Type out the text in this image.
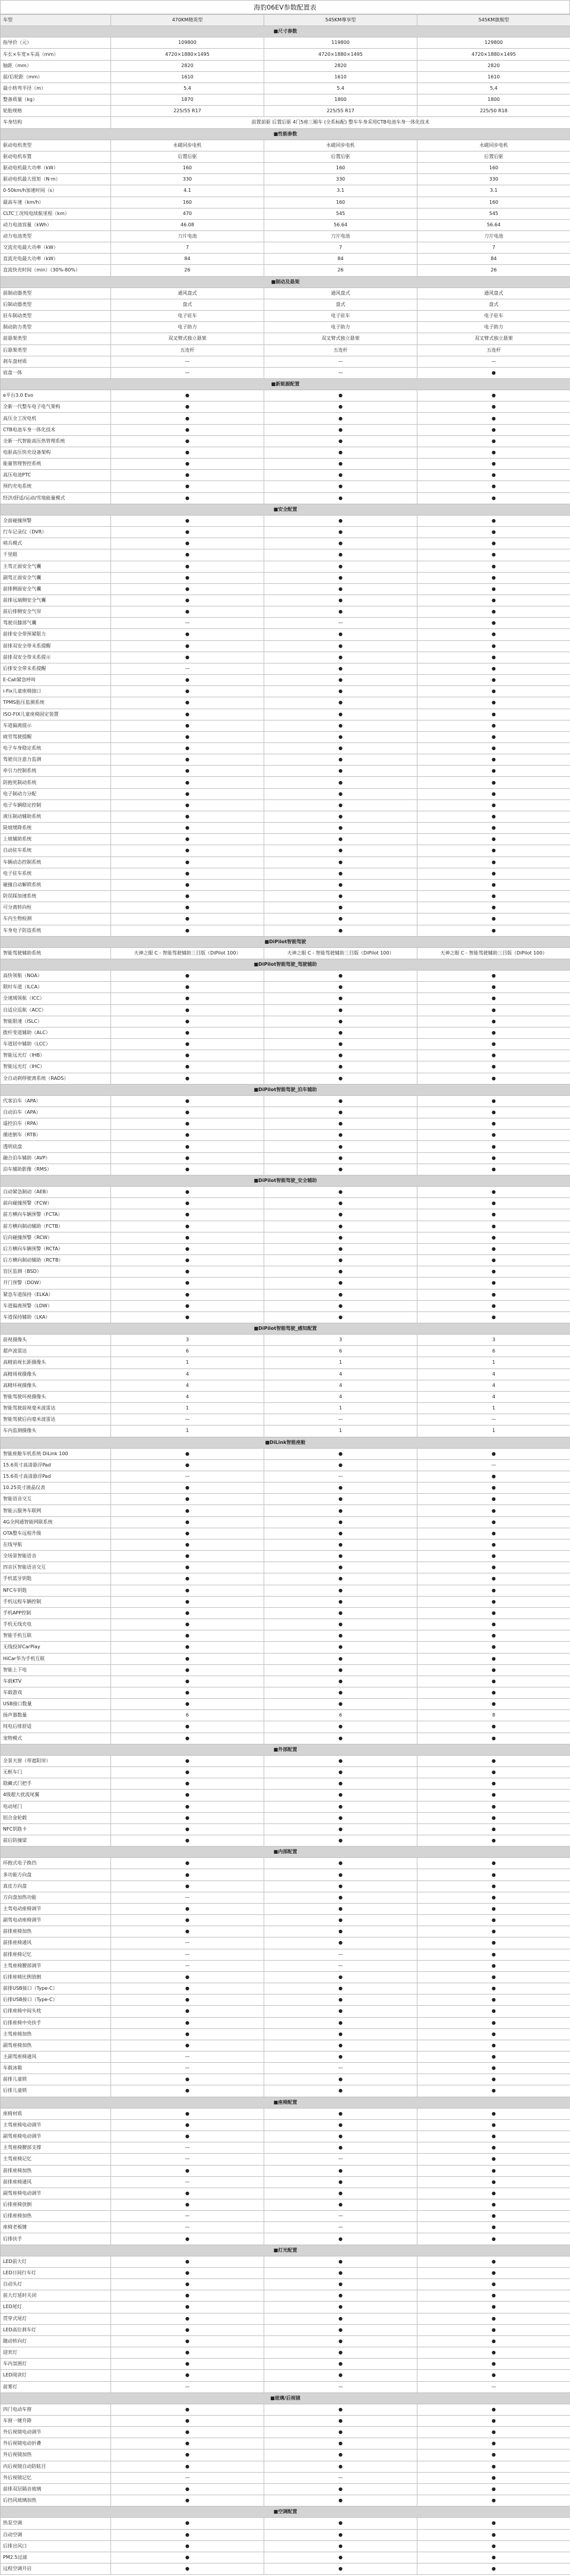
海豹06EV参数配置表
车型	470KM精英型	545KM尊享型	545KM旗舰型
■尺寸参数			
指导价（元）	109800	119800	129800
车长×车宽×车高（mm）	4720×1880×1495	4720×1880×1495	4720×1880×1495
轴距（mm）	2820	2820	2820
前/后轮距（mm）	1610	1610	1610
最小转弯半径（m）	5.4	5.4	5.4
整备质量（kg）	1870	1800	1800
轮胎规格	225/55 R17	225/55 R17	225/50 R18
车身结构	前置前驱 后置后驱 4门5座三厢车 (全系标配) 整车车身采用CTB电池车身一体化技术		
■性能参数			
驱动电机类型	永磁同步电机	永磁同步电机	永磁同步电机
驱动电机布置	后置后驱	后置后驱	后置后驱
驱动电机最大功率（kW）	160	160	160
驱动电机最大扭矩（N·m）	330	330	330
0-50km/h加速时间（s）	4.1	3.1	3.1
最高车速（km/h）	160	160	160
CLTC工况纯电续航里程（km）	470	545	545
动力电池容量（kWh）	46.08	56.64	56.64
动力电池类型	刀片电池	刀片电池	刀片电池
交流充电最大功率（kW）	7	7	7
直流充电最大功率（kW）	84	84	84
直流快充时间（min）（30%-80%）	26	26	26
■制动及悬架			
前制动器类型	通风盘式	通风盘式	通风盘式
后制动器类型	盘式	盘式	盘式
驻车制动类型	电子驻车	电子驻车	电子驻车
制动助力类型	电子助力	电子助力	电子助力
前悬架类型	双叉臂式独立悬架	双叉臂式独立悬架	双叉臂式独立悬架
后悬架类型	五连杆	五连杆	五连杆
刹车盘材质	—	—	—
底盘一体	—	—	●
■新能源配置			
e平台3.0 Evo	●	●	●
全新一代整车电子电气架构	●	●	●
高压全工况电机	●	●	●
CTB电池车身一体化技术	●	●	●
全新一代智能高压热管理系统	●	●	●
电驱高压快充设备架构	●	●	●
能量管理智控系统	●	●	●
高压电池PTC	●	●	●
预约充电系统	●	●	●
经济/舒适/运动/雪地能量模式	●	●	●
■安全配置			
全面碰撞预警	●	●	●
行车记录仪（DVR）	●	●	●
哨兵模式	●	●	●
千里眼	●	●	●
主驾正面安全气囊	●	●	●
副驾正面安全气囊	●	●	●
前排侧面安全气囊	●	●	●
前排远端侧安全气囊	●	●	●
前后排侧安全气帘	●	●	●
驾驶员膝部气囊	—	—	●
前排安全带预紧限力	●	●	●
前排双安全带未系提醒	●	●	●
前排双安全带未系提示	●	●	●
后排安全带未系提醒	—	●	●
E-Call紧急呼叫	●	●	●
i-Fix儿童座椅接口	●	●	●
TPMS胎压监测系统	●	●	●
ISO-FIX儿童座椅固定装置	●	●	●
车道偏离提示	●	●	●
疲劳驾驶提醒	●	●	●
电子车身稳定系统	●	●	●
驾驶员注意力监测	●	●	●
牵引力控制系统	●	●	●
防抱死制动系统	●	●	●
电子制动力分配	●	●	●
电子车辆稳定控制	●	●	●
液压制动辅助系统	●	●	●
陡坡缓降系统	●	●	●
上坡辅助系统	●	●	●
自动驻车系统	●	●	●
车辆动态控制系统	●	●	●
电子驻车系统	●	●	●
碰撞自动解锁系统	●	●	●
防误踩加速系统	●	●	●
可分离转向柱	●	●	●
车内生物检测	●	●	●
车身电子防盗系统	●	●	●
■DiPilot智能驾驶			
智能驾驶辅助系统	天神之眼 C - 智能驾驶辅助三目版（DiPilot 100）	天神之眼 C - 智能驾驶辅助三目版（DiPilot 100）	天神之眼 C - 智能驾驶辅助三目版（DiPilot 100）
■DiPilot智能驾驶_驾驶辅助			
高快领航（NOA）	●	●	●
限时车道（ILCA）	●	●	●
全速域领航（ICC）	●	●	●
自适应巡航（ACC）	●	●	●
智能限速（ISLC）	●	●	●
拨杆变道辅助（ALC）	●	●	●
车道居中辅助（LCC）	●	●	●
智能远光灯（IHB）	●	●	●
智能远光灯（IHC）	●	●	●
全自动刹停驶离系统（RADS）	●	●	●
■DiPilot智能驾驶_泊车辅助			
代客泊车（APA）	●	●	●
自动泊车（APA）	●	●	●
遥控泊车（RPA）	●	●	●
循迹倒车（RTB）	●	●	●
透明底盘	●	●	●
融合泊车辅助（AVP）	●	●	●
泊车辅助影像（RMS）	●	●	●
■DiPilot智能驾驶_安全辅助			
自动紧急制动（AEB）	●	●	●
前向碰撞预警（FCW）	●	●	●
前方横向车辆预警（FCTA）	●	●	●
前方横向制动辅助（FCTB）	●	●	●
后向碰撞预警（RCW）	●	●	●
后方横向车辆预警（RCTA）	●	●	●
后方横向制动辅助（RCTB）	●	●	●
盲区监测（BSD）	●	●	●
开门预警（DOW）	●	●	●
紧急车道保持（ELKA）	●	●	●
车道偏离预警（LDW）	●	●	●
车道保持辅助（LKA）	●	●	●
■DiPilot智能驾驶_感知配置			
前视摄像头	3	3	3
超声波雷达	6	6	6
高精前视长距摄像头	1	1	1
高精周视摄像头	4	4	4
高精环视摄像头	4	4	4
智能驾驶环视摄像头	4	4	4
智能驾驶前视毫米波雷达	1	1	1
智能驾驶后向毫米波雷达	—	—	—
车内监测摄像头	1	1	1
■DiLink智能座舱			
智能座舱车机系统 DiLink 100	●	●	●
15.6英寸高清悬浮Pad	●	●	—
15.6英寸高清悬浮Pad	—	—	●
10.25英寸液晶仪表	●	●	●
智能语音交互	●	●	●
智能云服务车联网	●	●	●
4G全网通智能网联系统	●	●	●
OTA整车远程升级	●	●	●
在线导航	●	●	●
全场景智能语音	●	●	●
四音区智能语音交互	●	●	●
手机蓝牙钥匙	●	●	●
NFC车钥匙	●	●	●
手机远程车辆控制	●	●	●
手机APP控制	●	●	●
手机无线充电	●	●	●
智能手机互联	●	●	●
无线投屏CarPlay	●	●	●
HiCar华为手机互联	●	●	●
智能上下电	●	●	●
车载KTV	●	●	●
车载游戏	●	●	●
USB接口数量	●	●	●
扬声器数量	6	6	8
纯电后排舒适	●	●	●
宠物模式	●	●	●
■外部配置			
全景天窗（带遮阳帘）	●	●	●
无框车门	●	●	●
隐藏式门把手	●	●	●
4级超大扰流尾翼	●	●	●
电动尾门	●	●	●
铝合金轮毂	●	●	●
NFC钥匙卡	●	●	●
前后防撞梁	●	●	●
■内部配置			
环抱式电子换挡	●	●	●
多功能方向盘	●	●	●
真皮方向盘	●	●	●
方向盘加热功能	—	●	●
主驾电动座椅调节	●	●	●
副驾电动座椅调节	●	●	●
前排座椅加热	●	●	●
前排座椅通风	—	●	●
前排座椅记忆	—	—	●
主驾座椅腰部调节	—	—	●
后排座椅比例放倒	●	●	●
前排USB接口（Type-C）	●	●	●
后排USB接口（Type-C）	●	●	●
后排座椅中间头枕	●	●	●
后排座椅中央扶手	●	●	●
主驾座椅加热	●	●	●
副驾座椅加热	●	●	●
主副驾座椅通风	—	●	●
车载冰箱	—	—	●
前排儿童锁	●	●	●
后排儿童锁	●	●	●
■座椅配置			
座椅材质	●	●	●
主驾座椅电动调节	●	●	●
副驾座椅电动调节	●	●	●
主驾座椅腰部支撑	—	●	●
主驾座椅记忆	—	—	●
前排座椅加热	●	●	●
前排座椅通风	—	●	●
副驾座椅电动调节	●	●	●
后排座椅放倒	●	●	●
后排座椅加热	—	—	●
座椅老板键	—	—	●
后排扶手	●	●	●
■灯光配置			
LED前大灯	●	●	●
LED日间行车灯	●	●	●
自动头灯	●	●	●
前大灯延时关闭	●	●	●
LED尾灯	●	●	●
贯穿式尾灯	●	●	●
LED高位刹车灯	●	●	●
随动转向灯	●	●	●
迎宾灯	●	●	●
车内氛围灯	●	●	●
LED阅读灯	●	●	●
前雾灯	—	—	—
■玻璃/后视镜			
四门电动车窗	●	●	●
车窗一键升降	●	●	●
外后视镜电动调节	●	●	●
外后视镜电动折叠	●	●	●
外后视镜加热	●	●	●
内后视镜自动防眩目	●	●	●
外后视镜记忆	—	—	●
前排双层隔音玻璃	●	●	●
后挡风玻璃加热	●	●	●
■空调配置			
热泵空调	●	●	●
自动空调	●	●	●
后排出风口	●	●	●
PM2.5过滤	●	●	●
远程空调开启	●	●	●
